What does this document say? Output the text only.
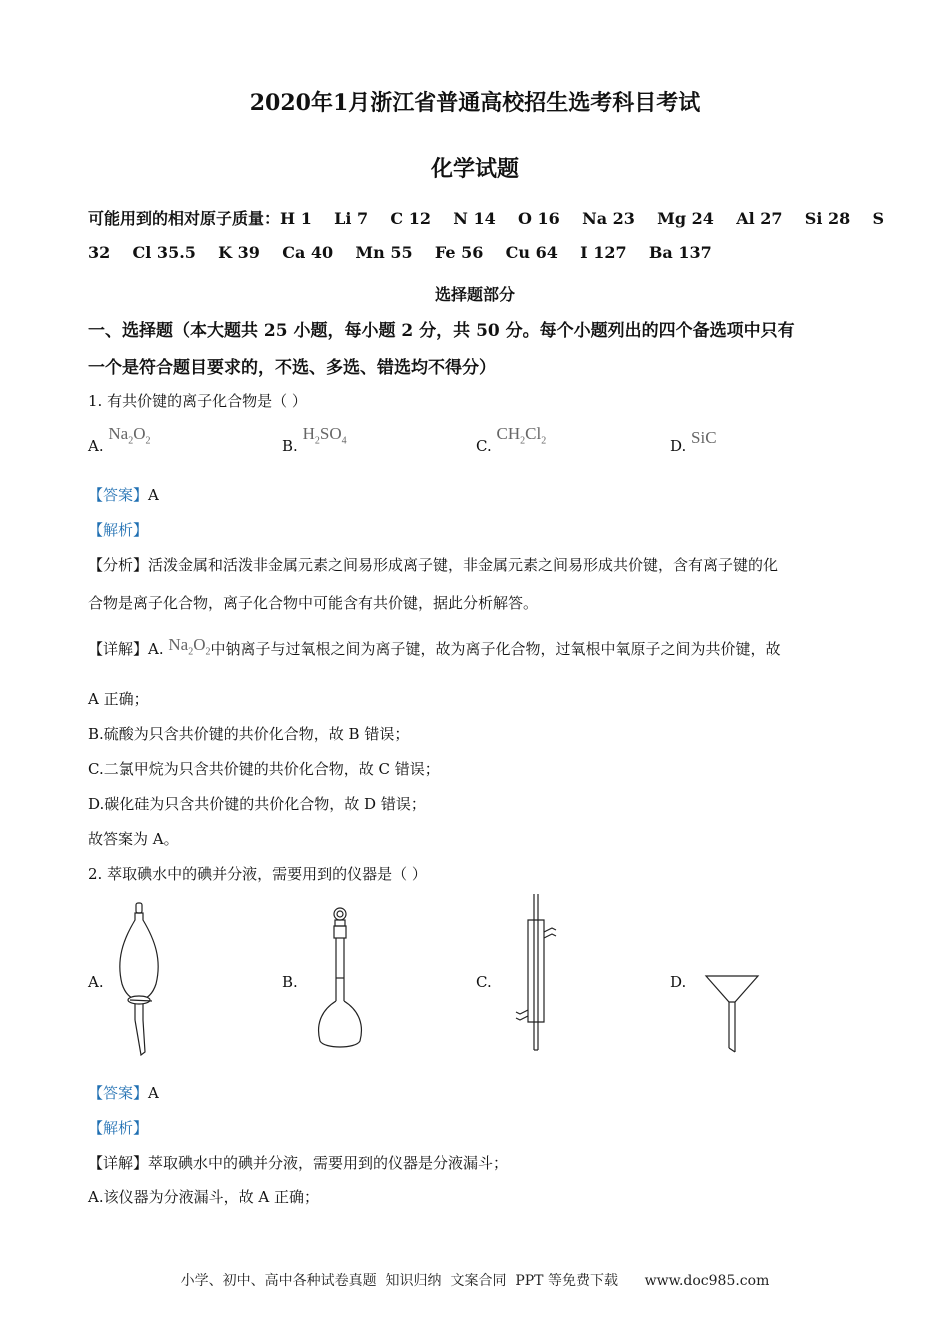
2020年1月浙江省普通高校招生选考科目考试
化学试题
可能用到的相对原子质量：H 1    Li 7    C 12    N 14    O 16    Na 23    Mg 24    Al 27    Si 28    S
32    Cl 35.5    K 39    Ca 40    Mn 55    Fe 56    Cu 64    I 127    Ba 137
选择题部分
一、选择题（本大题共 25 小题，每小题 2 分，共 50 分。每个小题列出的四个备选项中只有
一个是符合题目要求的，不选、多选、错选均不得分）
1. 有共价键的离子化合物是（ ）
A. $Na_2O_2$	B. $H_2SO_4$	C. $CH_2Cl_2$	D. SiC
【答案】A
【解析】
【分析】活泼金属和活泼非金属元素之间易形成离子键，非金属元素之间易形成共价键，含有离子键的化
合物是离子化合物，离子化合物中可能含有共价键，据此分析解答。
【详解】A. $Na_2O_2$中钠离子与过氧根之间为离子键，故为离子化合物，过氧根中氧原子之间为共价键，故
A 正确；
B.硫酸为只含共价键的共价化合物，故 B 错误；
C.二氯甲烷为只含共价键的共价化合物，故 C 错误；
D.碳化硅为只含共价键的共价化合物，故 D 错误；
故答案为 A。
2. 萃取碘水中的碘并分液，需要用到的仪器是（ ）
A.	B.	C.	D.
【答案】A
【解析】
【详解】萃取碘水中的碘并分液，需要用到的仪器是分液漏斗；
A.该仪器为分液漏斗，故 A 正确；
小学、初中、高中各种试卷真题  知识归纳  文案合同  PPT 等免费下载      www.doc985.com
